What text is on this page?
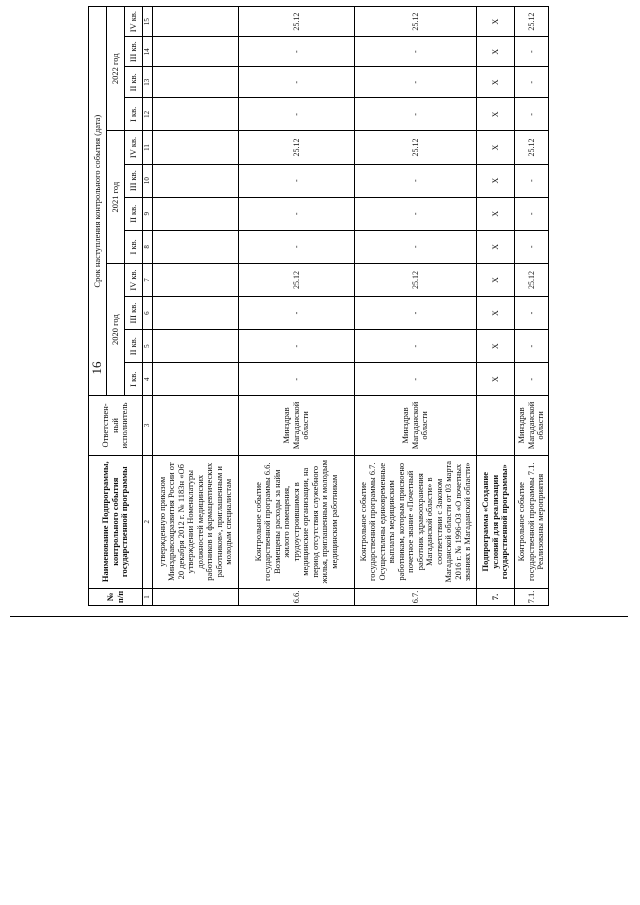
16
№ п/п	Наименование Подпрограммы, контрольного события государственной программы	Ответствен-ный исполнитель	Срок наступления контрольного события (дата)											
			2020 год				2021 год				2022 год			
			I кв.	II кв.	III кв.	IV кв.	I кв.	II кв.	III кв.	IV кв.	I кв.	II кв.	III кв.	IV кв.
1	2	3	4	5	6	7	8	9	10	11	12	13	14	15
	утвержденную приказом Минздравсоцразвития России от 20 декабря 2012 г. № 1183н «Об утверждении Номенклатуры должностей медицинских работников и фармацевтических работников», приглашенным и молодым специалистам													
6.6.	Контрольное событие государственной программы 6.6. Возмещены расходы за найм жилого помещения, трудоустроившимся в медицинские организации, на период отсутствия служебного жилья, приглашенным и молодым медицинским работникам	Минздрав Магаданской области	-	-	-	25.12	-	-	-	25.12	-	-	-	25.12
6.7.	Контрольное событие государственной программы 6.7. Осуществлены единовременные выплаты медицинским работникам, которым присвоено почетное звание «Почетный работник здравоохранения Магаданской области» в соответствии с Законом Магаданской области от 03 марта 2016 г. № 1996-ОЗ «О почетных званиях в Магаданской области»	Минздрав Магаданской области	-	-	-	25.12	-	-	-	25.12	-	-	-	25.12
7.	Подпрограмма «Создание условий для реализации государственной программы»		X	X	X	X	X	X	X	X	X	X	X	X
7.1.	Контрольное событие государственной программы 7.1. Реализованы мероприятия	Минздрав Магаданской области	-	-	-	25.12	-	-	-	25.12	-	-	-	25.12
